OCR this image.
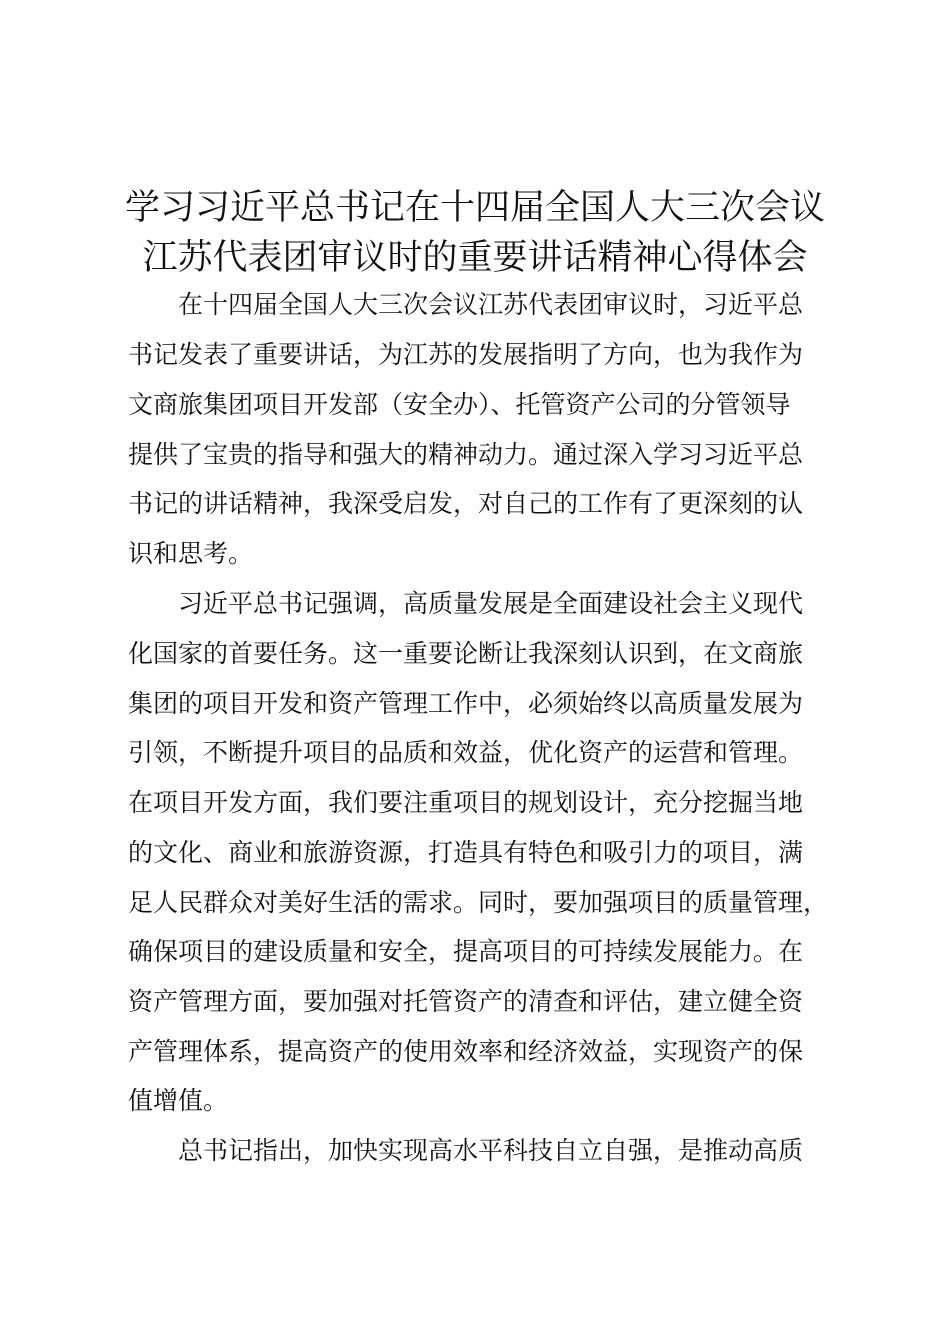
学习习近平总书记在十四届全国人大三次会议
江苏代表团审议时的重要讲话精神心得体会

　　在十四届全国人大三次会议江苏代表团审议时，习近平总

书记发表了重要讲话，为江苏的发展指明了方向，也为我作为

文商旅集团项目开发部（安全办）、托管资产公司的分管领导

提供了宝贵的指导和强大的精神动力。通过深入学习习近平总

书记的讲话精神，我深受启发，对自己的工作有了更深刻的认

识和思考。

　　习近平总书记强调，高质量发展是全面建设社会主义现代

化国家的首要任务。这一重要论断让我深刻认识到，在文商旅

集团的项目开发和资产管理工作中，必须始终以高质量发展为

引领，不断提升项目的品质和效益，优化资产的运营和管理。

在项目开发方面，我们要注重项目的规划设计，充分挖掘当地

的文化、商业和旅游资源，打造具有特色和吸引力的项目，满

足人民群众对美好生活的需求。同时，要加强项目的质量管理，

确保项目的建设质量和安全，提高项目的可持续发展能力。在

资产管理方面，要加强对托管资产的清查和评估，建立健全资

产管理体系，提高资产的使用效率和经济效益，实现资产的保

值增值。

　　总书记指出，加快实现高水平科技自立自强，是推动高质
